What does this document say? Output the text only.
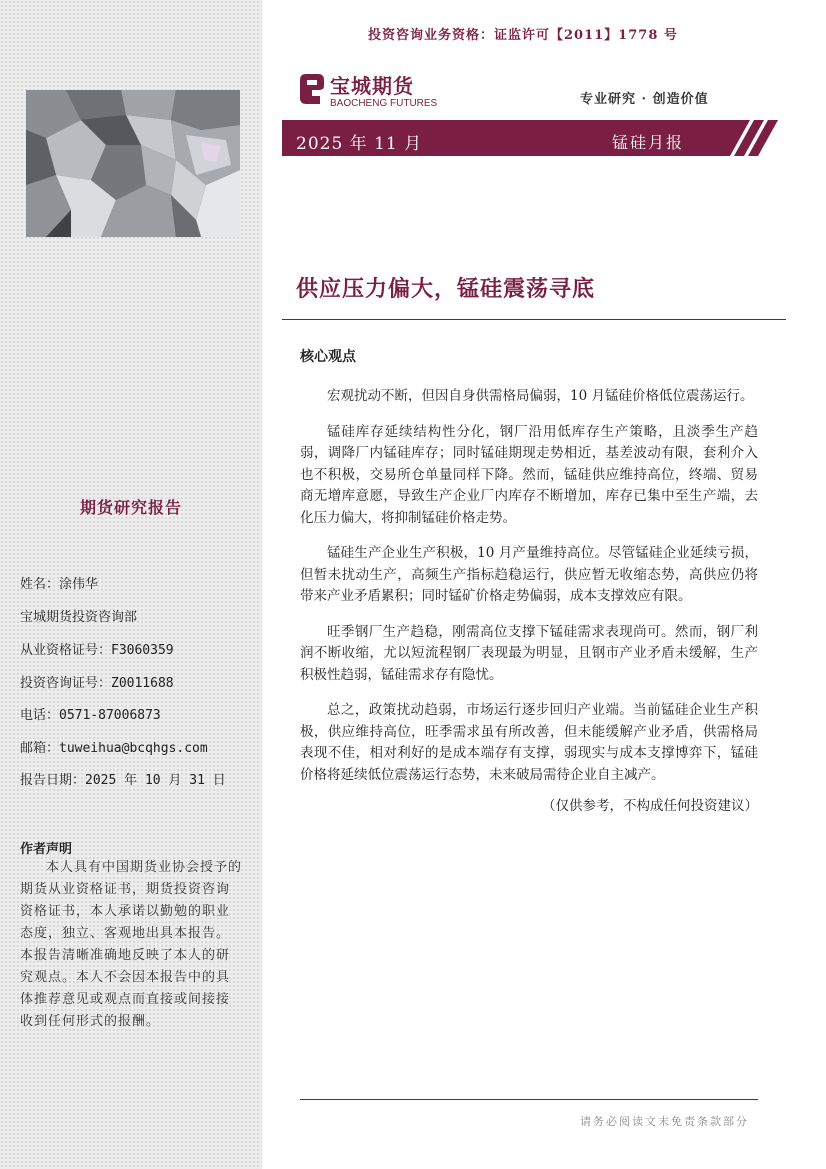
期货研究报告
姓名：涂伟华
宝城期货投资咨询部
从业资格证号：F3060359
投资咨询证号：Z0011688
电话：0571-87006873
邮箱：tuweihua@bcqhgs.com
报告日期：2025 年 10 月 31 日
作者声明
本人具有中国期货业协会授予的期货从业资格证书，期货投资咨询资格证书，本人承诺以勤勉的职业态度，独立、客观地出具本报告。本报告清晰准确地反映了本人的研究观点。本人不会因本报告中的具体推荐意见或观点而直接或间接接收到任何形式的报酬。
投资咨询业务资格：证监许可【2011】1778 号
宝城期货
BAOCHENG FUTURES	专业研究 · 创造价值
2025 年 11 月	锰硅月报
供应压力偏大，锰硅震荡寻底
核心观点

宏观扰动不断，但因自身供需格局偏弱，10 月锰硅价格低位震荡运行。

锰硅库存延续结构性分化，钢厂沿用低库存生产策略，且淡季生产趋弱，调降厂内锰硅库存；同时锰硅期现走势相近，基差波动有限，套利介入也不积极，交易所仓单量同样下降。然而，锰硅供应维持高位，终端、贸易商无增库意愿，导致生产企业厂内库存不断增加，库存已集中至生产端，去化压力偏大，将抑制锰硅价格走势。

锰硅生产企业生产积极，10 月产量维持高位。尽管锰硅企业延续亏损，但暂未扰动生产，高频生产指标趋稳运行，供应暂无收缩态势，高供应仍将带来产业矛盾累积；同时锰矿价格走势偏弱，成本支撑效应有限。

旺季钢厂生产趋稳，刚需高位支撑下锰硅需求表现尚可。然而，钢厂利润不断收缩，尤以短流程钢厂表现最为明显，且钢市产业矛盾未缓解，生产积极性趋弱，锰硅需求存有隐忧。

总之，政策扰动趋弱，市场运行逐步回归产业端。当前锰硅企业生产积极，供应维持高位，旺季需求虽有所改善，但未能缓解产业矛盾，供需格局表现不佳，相对利好的是成本端存有支撑，弱现实与成本支撑博弈下，锰硅价格将延续低位震荡运行态势，未来破局需待企业自主减产。

（仅供参考，不构成任何投资建议）
请务必阅读文末免责条款部分
